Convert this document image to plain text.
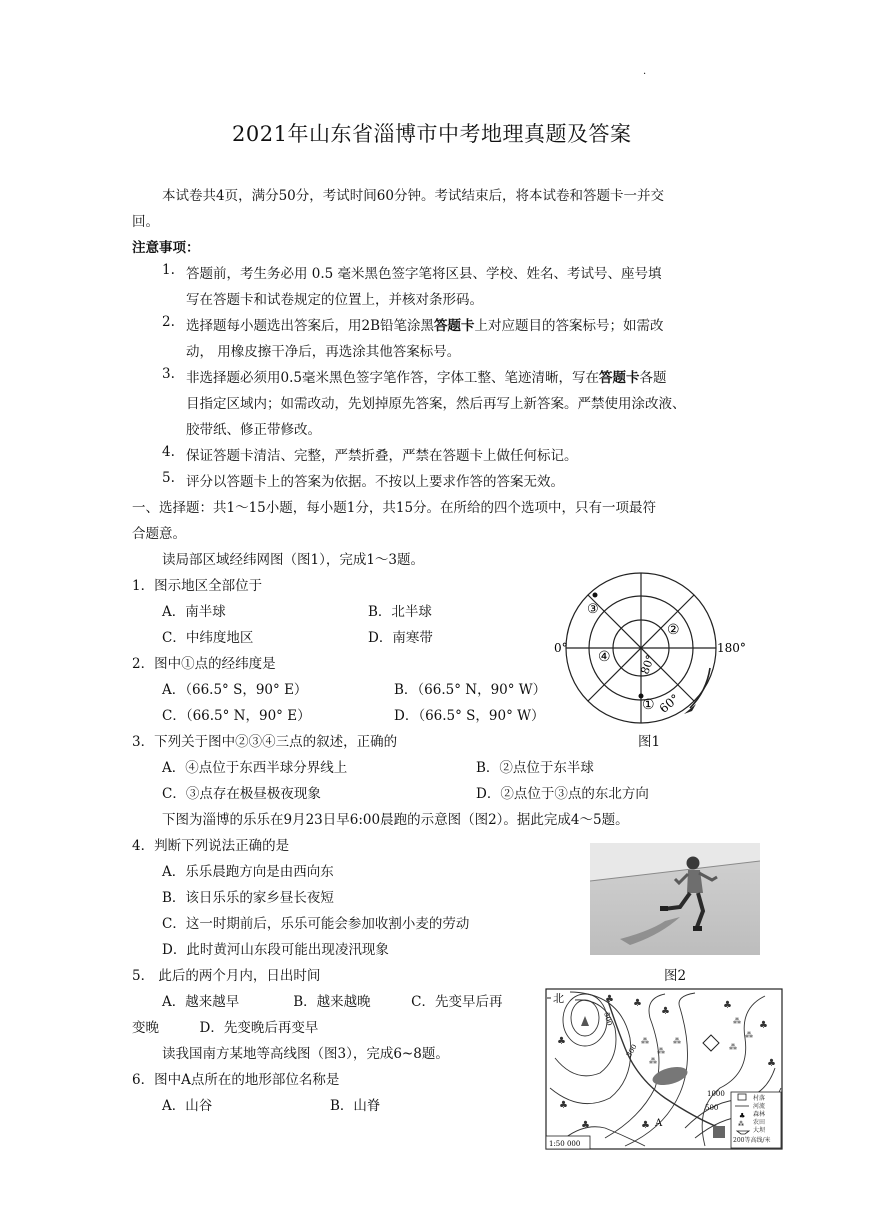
.
2021年山东省淄博市中考地理真题及答案
本试卷共4页，满分50分，考试时间60分钟。考试结束后，将本试卷和答题卡一并交
回。
注意事项：
1. 答题前，考生务必用 0.5 毫米黑色签字笔将区县、学校、姓名、考试号、座号填
写在答题卡和试卷规定的位置上，并核对条形码。
2. 选择题每小题选出答案后，用2B铅笔涂黑答题卡上对应题目的答案标号；如需改
动， 用橡皮擦干净后，再选涂其他答案标号。
3. 非选择题必须用0.5毫米黑色签字笔作答，字体工整、笔迹清晰，写在答题卡各题
目指定区域内；如需改动，先划掉原先答案，然后再写上新答案。严禁使用涂改液、
胶带纸、修正带修改。
4. 保证答题卡清洁、完整，严禁折叠，严禁在答题卡上做任何标记。
5. 评分以答题卡上的答案为依据。不按以上要求作答的答案无效。
一、选择题：共1～15小题，每小题1分，共15分。在所给的四个选项中，只有一项最符
合题意。
读局部区域经纬网图（图1），完成1～3题。
1．图示地区全部位于
A．南半球	B．北半球
C．中纬度地区	D．南寒带
2．图中①点的经纬度是
A．（66.5° S，90° E）	B．（66.5° N，90° W）
C．（66.5° N，90° E）	D．（66.5° S，90° W）
3．下列关于图中②③④三点的叙述，正确的	图1
A．④点位于东西半球分界线上	B．②点位于东半球
C．③点存在极昼极夜现象	D．②点位于③点的东北方向
下图为淄博的乐乐在9月23日早6:00晨跑的示意图（图2）。据此完成4～5题。
4．判断下列说法正确的是
A．乐乐晨跑方向是由西向东
B．该日乐乐的家乡昼长夜短
C．这一时期前后，乐乐可能会参加收割小麦的劳动
D．此时黄河山东段可能出现凌汛现象
5． 此后的两个月内，日出时间	图2
A．越来越早　　　　B．越来越晚　　　C．先变早后再
变晚　　　D．先变晚后再变早
读我国南方某地等高线图（图3），完成6~8题。
6．图中A点所在的地形部位名称是
A．山谷	B．山脊
0°	180°
80°
60°
③
②
④
①
北	♣ ♣
♣
♣
♣
♣
♣
♣	♣
♣	⁂
⁂
⁂
⁂
⁂
⁂
⁂
300
500
500
1000
A
村落
河流
森林
农田
大坝
200等高线/米
♣
⁂
1:50 000
